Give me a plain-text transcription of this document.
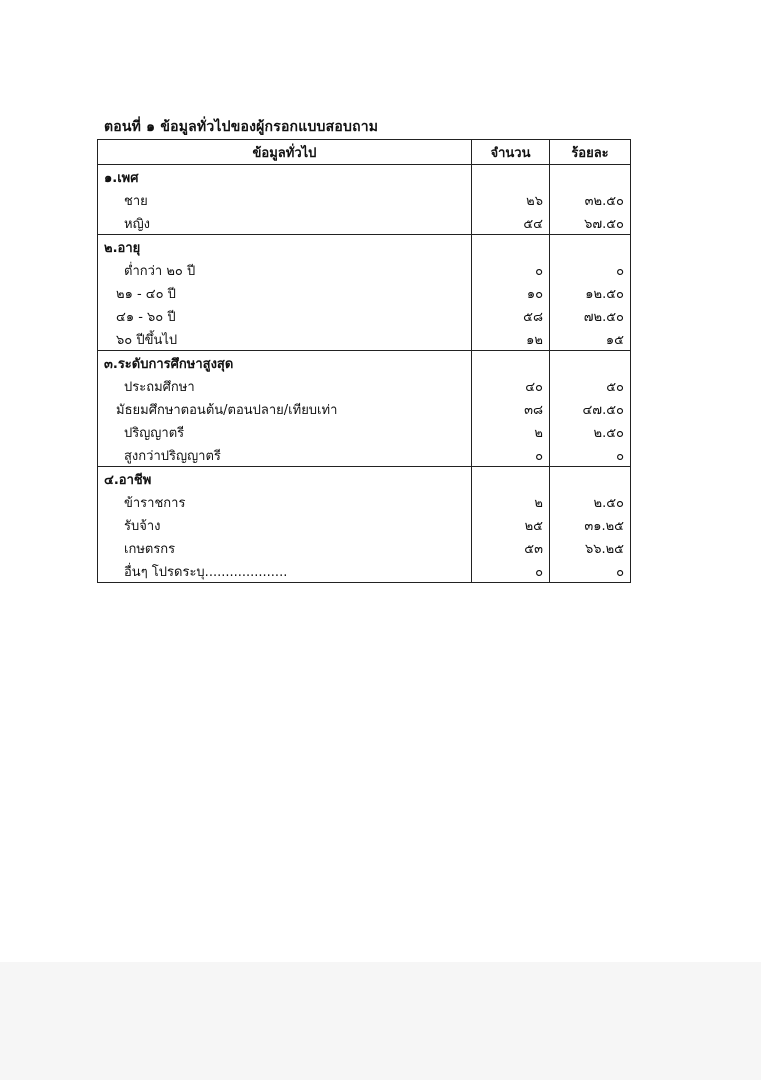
ตอนที่ ๑ ข้อมูลทั่วไปของผู้กรอกแบบสอบถาม
ข้อมูลทั่วไป	จำนวน	ร้อยละ
๑.เพศ		
ชาย	๒๖	๓๒.๕๐
หญิง	๕๔	๖๗.๕๐
๒.อายุ		
ต่ำกว่า ๒๐ ปี	๐	๐
๒๑ - ๔๐ ปี	๑๐	๑๒.๕๐
๔๑ - ๖๐ ปี	๕๘	๗๒.๕๐
๖๐ ปีขึ้นไป	๑๒	๑๕
๓.ระดับการศึกษาสูงสุด		
ประถมศึกษา	๔๐	๕๐
มัธยมศึกษาตอนต้น/ตอนปลาย/เทียบเท่า	๓๘	๔๗.๕๐
ปริญญาตรี	๒	๒.๕๐
สูงกว่าปริญญาตรี	๐	๐
๔.อาชีพ		
ข้าราชการ	๒	๒.๕๐
รับจ้าง	๒๕	๓๑.๒๕
เกษตรกร	๕๓	๖๖.๒๕
อื่นๆ โปรดระบุ....................	๐	๐
